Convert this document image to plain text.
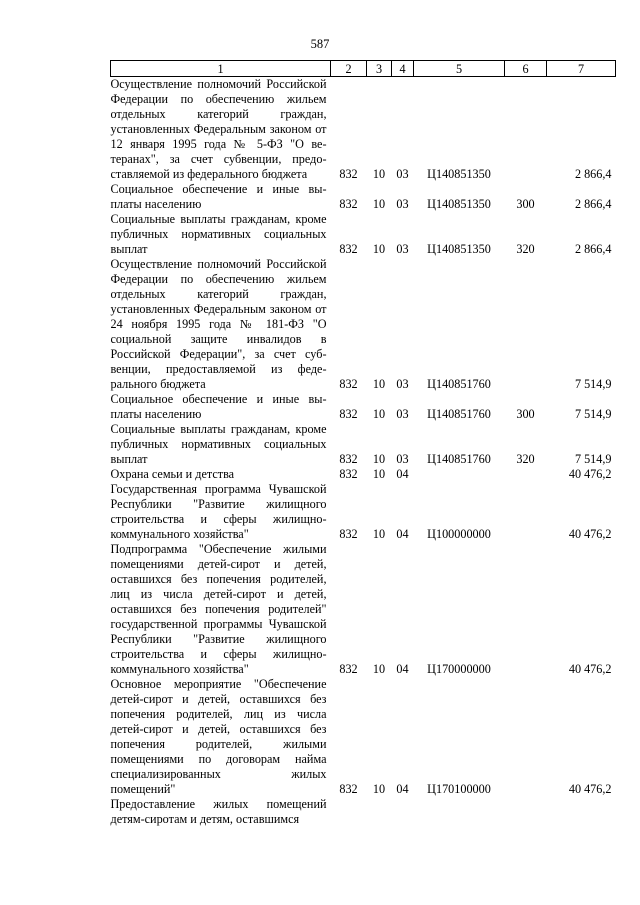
587
1	2	3	4	5	6	7
Осуществление полномочий Российской Федерации по обеспечению жильем отдельных категорий граждан, установленных Федеральным законом от 12 января 1995 года № 5-ФЗ "О ветеранах", за счет субвенции, предоставляемой из федерального бюджета	832	10	03	Ц140851350		2 866,4
Социальное обеспечение и иные выплаты населению	832	10	03	Ц140851350	300	2 866,4
Социальные выплаты гражданам, кроме публичных нормативных социальных выплат	832	10	03	Ц140851350	320	2 866,4
Осуществление полномочий Российской Федерации по обеспечению жильем отдельных категорий граждан, установленных Федеральным законом от 24 ноября 1995 года № 181-ФЗ "О социальной защите инвалидов в Российской Федерации", за счет субвенции, предоставляемой из федерального бюджета	832	10	03	Ц140851760		7 514,9
Социальное обеспечение и иные выплаты населению	832	10	03	Ц140851760	300	7 514,9
Социальные выплаты гражданам, кроме публичных нормативных социальных выплат	832	10	03	Ц140851760	320	7 514,9
Охрана семьи и детства	832	10	04			40 476,2
Государственная программа Чувашской Республики "Развитие жилищного строительства и сферы жилищно-коммунального хозяйства"	832	10	04	Ц100000000		40 476,2
Подпрограмма "Обеспечение жилыми помещениями детей-сирот и детей, оставшихся без попечения родителей, лиц из числа детей-сирот и детей, оставшихся без попечения родителей" государственной программы Чувашской Республики "Развитие жилищного строительства и сферы жилищно-коммунального хозяйства"	832	10	04	Ц170000000		40 476,2
Основное мероприятие "Обеспечение детей-сирот и детей, оставшихся без попечения родителей, лиц из числа детей-сирот и детей, оставшихся без попечения родителей, жилыми помещениями по договорам найма специализированных жилых помещений"	832	10	04	Ц170100000		40 476,2
Предоставление жилых помещений детям-сиротам и детям, оставшимся						
